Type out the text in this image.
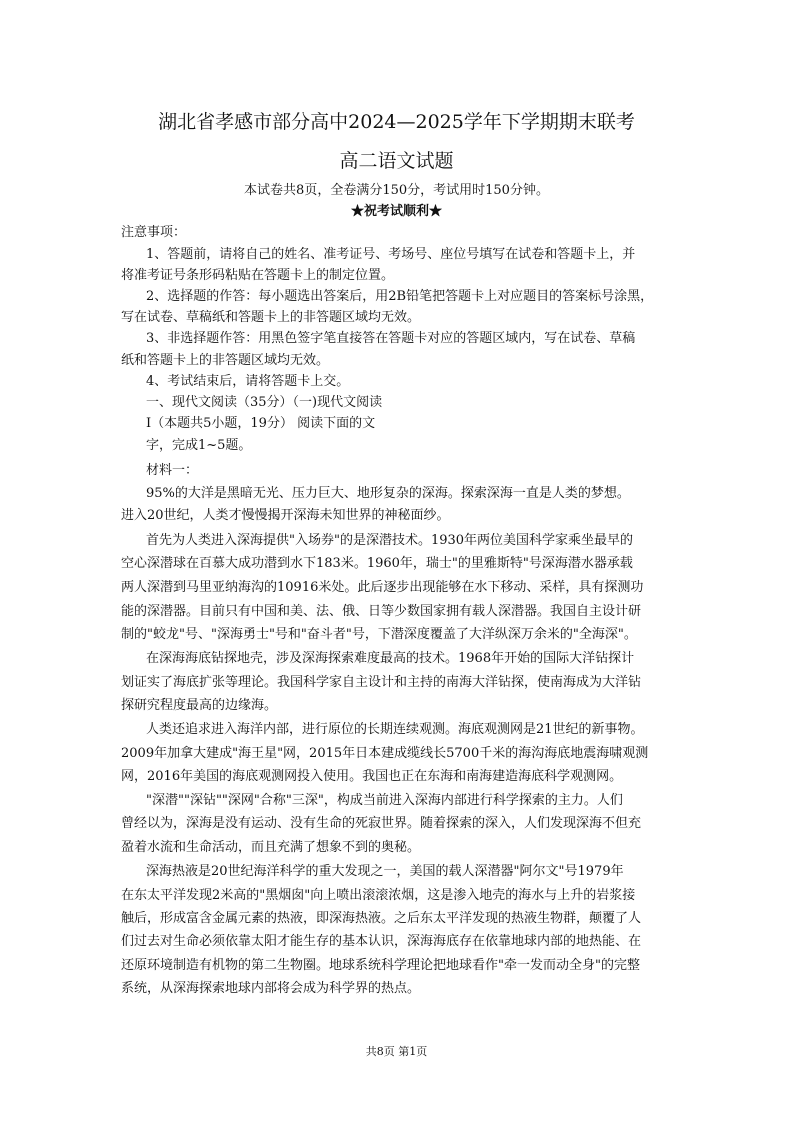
湖北省孝感市部分高中2024—2025学年下学期期末联考
高二语文试题
本试卷共8页，全卷满分150分，考试用时150分钟。
★祝考试顺利★
注意事项：
1、答题前，请将自己的姓名、准考证号、考场号、座位号填写在试卷和答题卡上，并
将准考证号条形码粘贴在答题卡上的制定位置。
2、选择题的作答：每小题选出答案后，用2B铅笔把答题卡上对应题目的答案标号涂黑，
写在试卷、草稿纸和答题卡上的非答题区域均无效。
3、非选择题作答：用黑色签字笔直接答在答题卡对应的答题区域内，写在试卷、草稿
纸和答题卡上的非答题区域均无效。
4、考试结束后，请将答题卡上交。
一、现代文阅读（35分）（一)现代文阅读
Ⅰ（本题共5小题，19分） 阅读下面的文
字，完成1~5题。
材料一：
95%的大洋是黑暗无光、压力巨大、地形复杂的深海。探索深海一直是人类的梦想。
进入20世纪，人类才慢慢揭开深海未知世界的神秘面纱。
首先为人类进入深海提供"入场券"的是深潜技术。1930年两位美国科学家乘坐最早的
空心深潜球在百慕大成功潜到水下183米。1960年，瑞士"的里雅斯特"号深海潜水器承载
两人深潜到马里亚纳海沟的10916米处。此后逐步出现能够在水下移动、采样，具有探测功
能的深潜器。目前只有中国和美、法、俄、日等少数国家拥有载人深潜器。我国自主设计研
制的"蛟龙"号、"深海勇士"号和"奋斗者"号，下潜深度覆盖了大洋纵深万余米的"全海深"。
在深海海底钻探地壳，涉及深海探索难度最高的技术。1968年开始的国际大洋钻探计
划证实了海底扩张等理论。我国科学家自主设计和主持的南海大洋钻探，使南海成为大洋钻
探研究程度最高的边缘海。
人类还追求进入海洋内部，进行原位的长期连续观测。海底观测网是21世纪的新事物。
2009年加拿大建成"海王星"网，2015年日本建成缆线长5700千米的海沟海底地震海啸观测
网，2016年美国的海底观测网投入使用。我国也正在东海和南海建造海底科学观测网。
"深潜""深钻""深网"合称"三深"，构成当前进入深海内部进行科学探索的主力。人们
曾经以为，深海是没有运动、没有生命的死寂世界。随着探索的深入，人们发现深海不但充
盈着水流和生命活动，而且充满了想象不到的奥秘。
深海热液是20世纪海洋科学的重大发现之一，美国的载人深潜器"阿尔文"号1979年
在东太平洋发现2米高的"黑烟囱"向上喷出滚滚浓烟，这是渗入地壳的海水与上升的岩浆接
触后，形成富含金属元素的热液，即深海热液。之后东太平洋发现的热液生物群，颠覆了人
们过去对生命必须依靠太阳才能生存的基本认识，深海海底存在依靠地球内部的地热能、在
还原环境制造有机物的第二生物圈。地球系统科学理论把地球看作"牵一发而动全身"的完整
系统，从深海探索地球内部将会成为科学界的热点。
共8页 第1页
